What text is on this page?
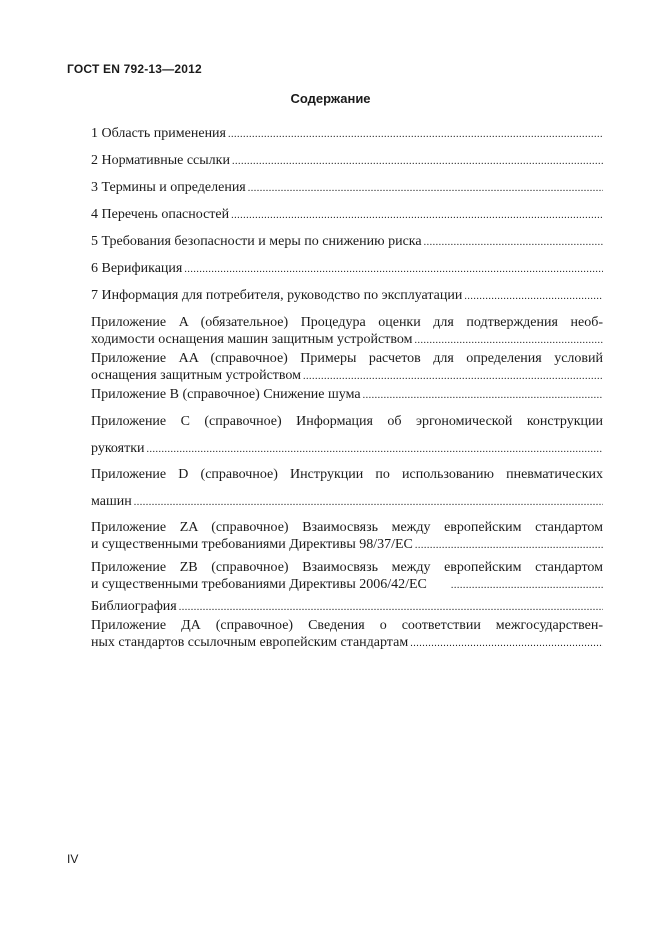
ГОСТ EN 792-13—2012
Содержание
1 Область применения
.....
2 Нормативные ссылки
.....
3 Термины и определения
.....
4 Перечень опасностей
.....
5 Требования безопасности и меры по снижению риска
.....
6 Верификация
.....
7 Информация для потребителя, руководство по эксплуатации
.....
Приложение A (обязательное) Процедура оценки для подтверждения необ-
ходимости оснащения машин защитным устройством
.....
Приложение AA (справочное) Примеры расчетов для определения условий
оснащения защитным устройством
.....
Приложение B (справочное) Снижение шума
.....
Приложение C (справочное) Информация об эргономической конструкции
рукоятки
.....
Приложение D (справочное) Инструкции по использованию пневматических
машин
.....
Приложение ZA (справочное) Взаимосвязь между европейским стандартом
и существенными требованиями Директивы 98/37/EC
.....
Приложение ZB (справочное) Взаимосвязь между европейским стандартом
и существенными требованиями Директивы 2006/42/EC
.....
Библиография
.....
Приложение ДА (справочное) Сведения о соответствии межгосударствен-
ных стандартов ссылочным европейским стандартам
.....
IV
